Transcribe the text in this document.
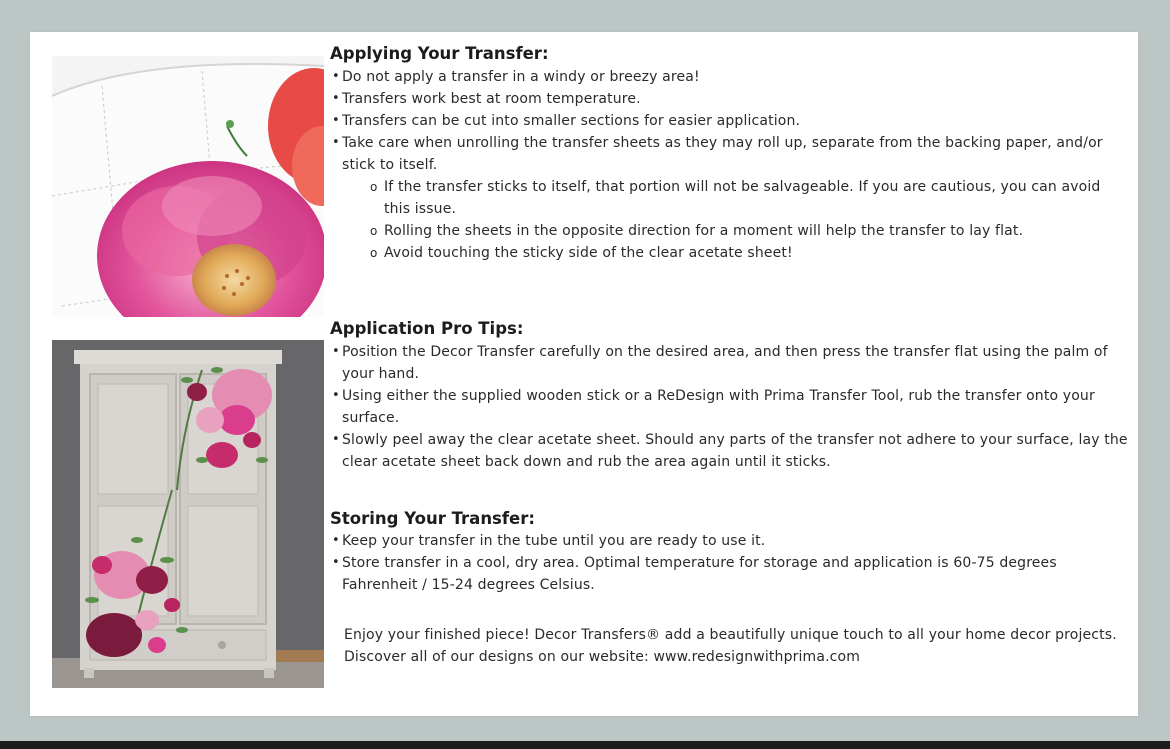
Applying Your Transfer:
• Do not apply a transfer in a windy or breezy area!
• Transfers work best at room temperature.
• Transfers can be cut into smaller sections for easier application.
• Take care when unrolling the transfer sheets as they may roll up, separate from the backing paper, and/or stick to itself.
o If the transfer sticks to itself, that portion will not be salvageable. If you are cautious, you can avoid this issue.
o Rolling the sheets in the opposite direction for a moment will help the transfer to lay flat.
o Avoid touching the sticky side of the clear acetate sheet!
Application Pro Tips:
• Position the Decor Transfer carefully on the desired area, and then press the transfer flat using the palm of your hand.
• Using either the supplied wooden stick or a ReDesign with Prima Transfer Tool, rub the transfer onto your surface.
• Slowly peel away the clear acetate sheet. Should any parts of the transfer not adhere to your surface, lay the clear acetate sheet back down and rub the area again until it sticks.
Storing Your Transfer:
• Keep your transfer in the tube until you are ready to use it.
• Store transfer in a cool, dry area. Optimal temperature for storage and application is 60-75 degrees Fahrenheit / 15-24 degrees Celsius.

Enjoy your finished piece! Decor Transfers® add a beautifully unique touch to all your home decor projects. Discover all of our designs on our website: www.redesignwithprima.com
